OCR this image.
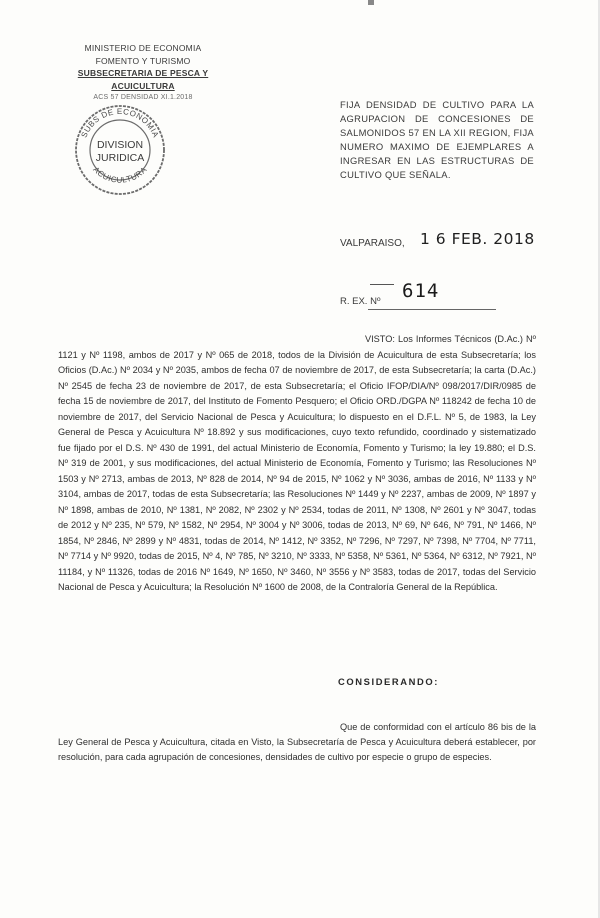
MINISTERIO DE ECONOMIA
FOMENTO Y TURISMO
SUBSECRETARIA DE PESCA Y ACUICULTURA
ACS 57 DENSIDAD XI.1.2018
SUBS DE ECONOMIA
ACUICULTURA
DIVISION
JURIDICA
FIJA DENSIDAD DE CULTIVO PARA LA AGRUPACION DE CONCESIONES DE SALMONIDOS 57 EN LA XII REGION, FIJA NUMERO MAXIMO DE EJEMPLARES A INGRESAR EN LAS ESTRUCTURAS DE CULTIVO QUE SEÑALA.
VALPARAISO, 1 6 FEB. 2018
R. EX. Nº 614
VISTO: Los Informes Técnicos (D.Ac.) Nº 1121 y Nº 1198, ambos de 2017 y Nº 065 de 2018, todos de la División de Acuicultura de esta Subsecretaría; los Oficios (D.Ac.) Nº 2034 y Nº 2035, ambos de fecha 07 de noviembre de 2017, de esta Subsecretaría; la carta (D.Ac.) Nº 2545 de fecha 23 de noviembre de 2017, de esta Subsecretaría; el Oficio IFOP/DIA/Nº 098/2017/DIR/0985 de fecha 15 de noviembre de 2017, del Instituto de Fomento Pesquero; el Oficio ORD./DGPA Nº 118242 de fecha 10 de noviembre de 2017, del Servicio Nacional de Pesca y Acuicultura; lo dispuesto en el D.F.L. Nº 5, de 1983, la Ley General de Pesca y Acuicultura Nº 18.892 y sus modificaciones, cuyo texto refundido, coordinado y sistematizado fue fijado por el D.S. Nº 430 de 1991, del actual Ministerio de Economía, Fomento y Turismo; la ley 19.880; el D.S. Nº 319 de 2001, y sus modificaciones, del actual Ministerio de Economía, Fomento y Turismo; las Resoluciones Nº 1503 y Nº 2713, ambas de 2013, Nº 828 de 2014, Nº 94 de 2015, Nº 1062 y Nº 3036, ambas de 2016, Nº 1133 y Nº 3104, ambas de 2017, todas de esta Subsecretaría; las Resoluciones Nº 1449 y Nº 2237, ambas de 2009, Nº 1897 y Nº 1898, ambas de 2010, Nº 1381, Nº 2082, Nº 2302 y Nº 2534, todas de 2011, Nº 1308, Nº 2601 y Nº 3047, todas de 2012 y Nº 235, Nº 579, Nº 1582, Nº 2954, Nº 3004 y Nº 3006, todas de 2013, Nº 69, Nº 646, Nº 791, Nº 1466, Nº 1854, Nº 2846, Nº 2899 y Nº 4831, todas de 2014, Nº 1412, Nº 3352, Nº 7296, Nº 7297, Nº 7398, Nº 7704, Nº 7711, Nº 7714 y Nº 9920, todas de 2015, Nº 4, Nº 785, Nº 3210, Nº 3333, Nº 5358, Nº 5361, Nº 5364, Nº 6312, Nº 7921, Nº 11184, y Nº 11326, todas de 2016 Nº 1649, Nº 1650, Nº 3460, Nº 3556 y Nº 3583, todas de 2017, todas del Servicio Nacional de Pesca y Acuicultura; la Resolución Nº 1600 de 2008, de la Contraloría General de la República.
CONSIDERANDO:
Que de conformidad con el artículo 86 bis de la Ley General de Pesca y Acuicultura, citada en Visto, la Subsecretaría de Pesca y Acuicultura deberá establecer, por resolución, para cada agrupación de concesiones, densidades de cultivo por especie o grupo de especies.
